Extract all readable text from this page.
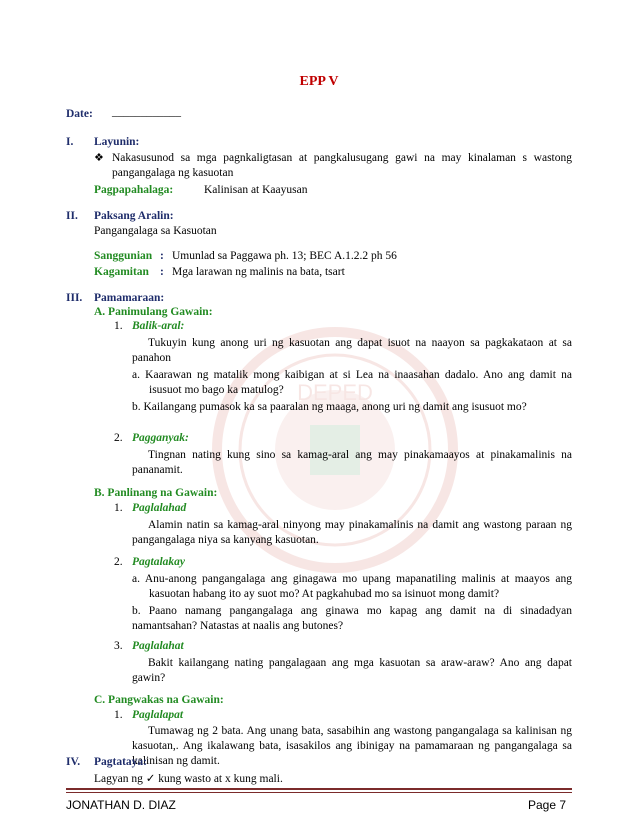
DEPED
EPP V
Date: ____________
I. Layunin:
❖ Nakasusunod sa mga pagnkaligtasan at pangkalusugang gawi na may kinalaman s wastong pangangalaga ng kasuotan
Pagpapahalaga:	Kalinisan at Kaayusan
II. Paksang Aralin:
Pangangalaga sa Kasuotan
Sanggunian : Umunlad sa Paggawa ph. 13; BEC A.1.2.2 ph 56
Kagamitan : Mga larawan ng malinis na bata, tsart
III. Pamamaraan:
A. Panimulang Gawain:
1. Balik-aral:
Tukuyin kung anong uri ng kasuotan ang dapat isuot na naayon sa pagkakataon at sa panahon
a. Kaarawan ng matalik mong kaibigan at si Lea na inaasahan dadalo. Ano ang damit na isusuot mo bago ka matulog?
b. Kailangang pumasok ka sa paaralan ng maaga, anong uri ng damit ang isusuot mo?
2. Pagganyak:
Tingnan nating kung sino sa kamag-aral ang may pinakamaayos at pinakamalinis na pananamit.
B. Panlinang na Gawain:
1. Paglalahad
Alamin natin sa kamag-aral ninyong may pinakamalinis na damit ang wastong paraan ng pangangalaga niya sa kanyang kasuotan.
2. Pagtalakay
a. Anu-anong pangangalaga ang ginagawa mo upang mapanatiling malinis at maayos ang kasuotan habang ito ay suot mo? At pagkahubad mo sa isinuot mong damit?
b. Paano namang pangangalaga ang ginawa mo kapag ang damit na di sinadadyan namantsahan? Natastas at naalis ang butones?
3. Paglalahat
Bakit kailangang nating pangalagaan ang mga kasuotan sa araw-araw? Ano ang dapat gawin?
C. Pangwakas na Gawain:
1. Paglalapat
Tumawag ng 2 bata. Ang unang bata, sasabihin ang wastong pangangalaga sa kalinisan ng kasuotan,. Ang ikalawang bata, isasakilos ang ibinigay na pamamaraan ng pangangalaga sa kalinisan ng damit.
IV. Pagtataya:
Lagyan ng ✓ kung wasto at x kung mali.
JONATHAN D. DIAZ	Page 7
